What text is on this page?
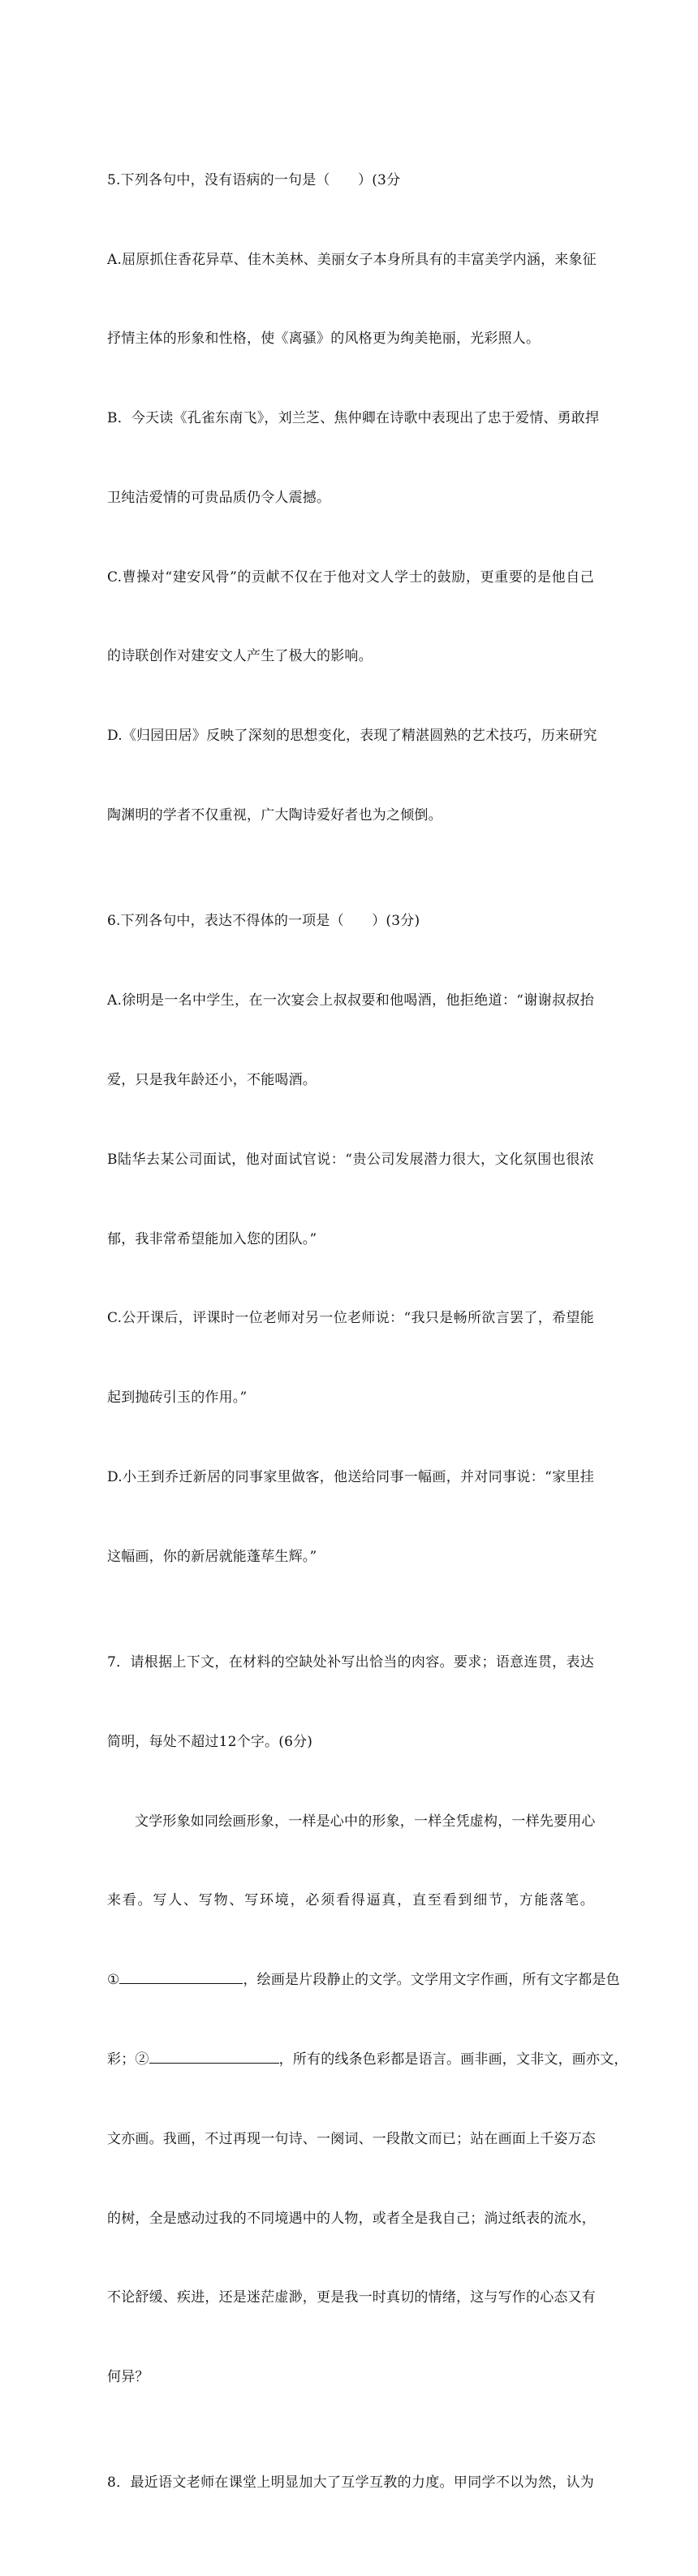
5.下列各句中，没有语病的一句是（　　）(3分

A.屈原抓住香花异草、佳木美林、美丽女子本身所具有的丰富美学内涵，来象征

抒情主体的形象和性格，使《离骚》的风格更为绚美艳丽，光彩照人。

B．今天读《孔雀东南飞》，刘兰芝、焦仲卿在诗歌中表现出了忠于爱情、勇敢捍

卫纯洁爱情的可贵品质仍令人震撼。

C.曹操对“建安风骨”的贡献不仅在于他对文人学士的鼓励，更重要的是他自己

的诗联创作对建安文人产生了极大的影响。

D.《归园田居》反映了深刻的思想变化，表现了精湛圆熟的艺术技巧，历来研究

陶渊明的学者不仅重视，广大陶诗爱好者也为之倾倒。

6.下列各句中，表达不得体的一项是（　　）(3分)

A.徐明是一名中学生，在一次宴会上叔叔要和他喝酒，他拒绝道：“谢谢叔叔抬

爱，只是我年龄还小，不能喝酒。

B陆华去某公司面试，他对面试官说：“贵公司发展潜力很大，文化氛围也很浓

郁，我非常希望能加入您的团队。”

C.公开课后，评课时一位老师对另一位老师说：“我只是畅所欲言罢了，希望能

起到抛砖引玉的作用。”

D.小王到乔迁新居的同事家里做客，他送给同事一幅画，并对同事说：“家里挂

这幅画，你的新居就能蓬荜生辉。”

7．请根据上下文，在材料的空缺处补写出恰当的肉容。要求；语意连贯，表达

简明，每处不超过12个字。(6分)

文学形象如同绘画形象，一样是心中的形象，一样全凭虚构，一样先要用心

来看。写人、写物、写环境，必须看得逼真，直至看到细节，方能落笔。

①	，绘画是片段静止的文学。文学用文字作画，所有文字都是色

彩；②	，所有的线条色彩都是语言。画非画，文非文，画亦文，

文亦画。我画，不过再现一句诗、一阕词、一段散文而已；站在画面上千姿万态

的树，全是感动过我的不同境遇中的人物，或者全是我自己；淌过纸表的流水，

不论舒缓、疾进，还是迷茫虚渺，更是我一时真切的情绪，这与写作的心态又有

何异？

8．最近语文老师在课堂上明显加大了互学互教的力度。甲同学不以为然，认为
